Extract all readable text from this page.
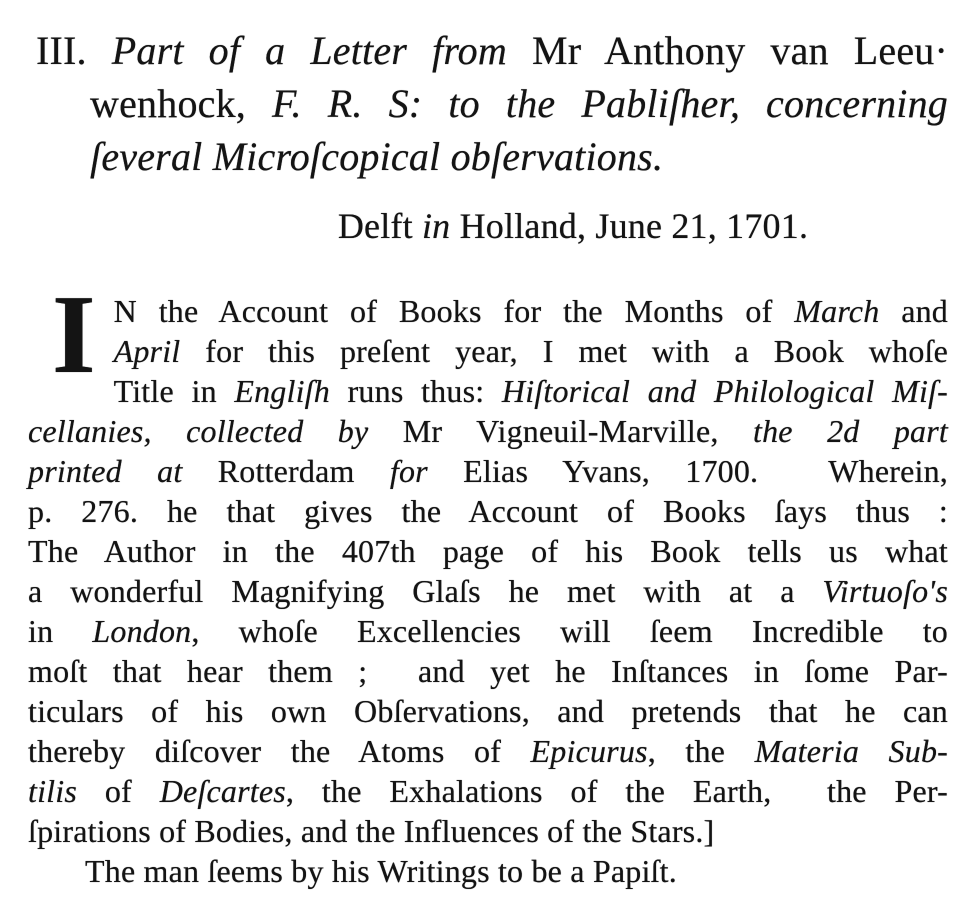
III. Part of a Letter from Mr Anthony van Leeu·
wenhock, F. R. S: to the Pabliſher, concerning
ſeveral Microſcopical obſervations.
Delft in Holland, June 21, 1701.
I N the Account of Books for the Months of March and
April for this preſent year, I met with a Book whoſe
Title in Engliſh runs thus: Hiſtorical and Philological Miſ-
cellanies, collected by Mr Vigneuil-Marville, the 2d part
printed at Rotterdam for Elias Yvans, 1700.  Wherein,
p. 276. he that gives the Account of Books ſays thus :
The Author in the 407th page of his Book tells us what
a wonderful Magnifying Glaſs he met with at a Virtuoſo's
in London, whoſe Excellencies will ſeem Incredible to
moſt that hear them ;  and yet he Inſtances in ſome Par-
ticulars of his own Obſervations, and pretends that he can
thereby diſcover the Atoms of Epicurus, the Materia Sub-
tilis of Deſcartes, the Exhalations of the Earth,  the Per-
ſpirations of Bodies, and the Influences of the Stars.]
The man ſeems by his Writings to be a Papiſt.
